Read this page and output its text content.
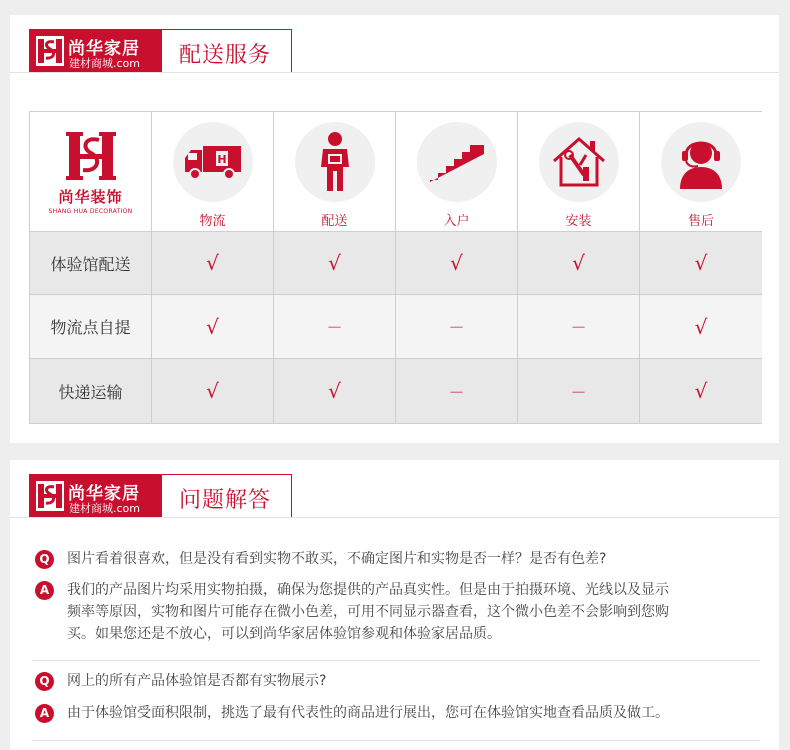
尚华家居
建材商城.com 配送服务
尚华装饰
SHANG HUA DECORATION
H
物流	配送	入户	安装	售后
体验馆配送	√	√	√	√	√
物流点自提	√	－	－	－	√
快递运输	√	√	－	－	√
尚华家居
建材商城.com 问题解答
Q	图片看着很喜欢，但是没有看到实物不敢买，不确定图片和实物是否一样？是否有色差?
A	我们的产品图片均采用实物拍摄，确保为您提供的产品真实性。但是由于拍摄环境、光线以及显示
频率等原因，实物和图片可能存在微小色差，可用不同显示器查看，这个微小色差不会影响到您购
买。如果您还是不放心，可以到尚华家居体验馆参观和体验家居品质。
Q	网上的所有产品体验馆是否都有实物展示?
A	由于体验馆受面积限制，挑选了最有代表性的商品进行展出，您可在体验馆实地查看品质及做工。
